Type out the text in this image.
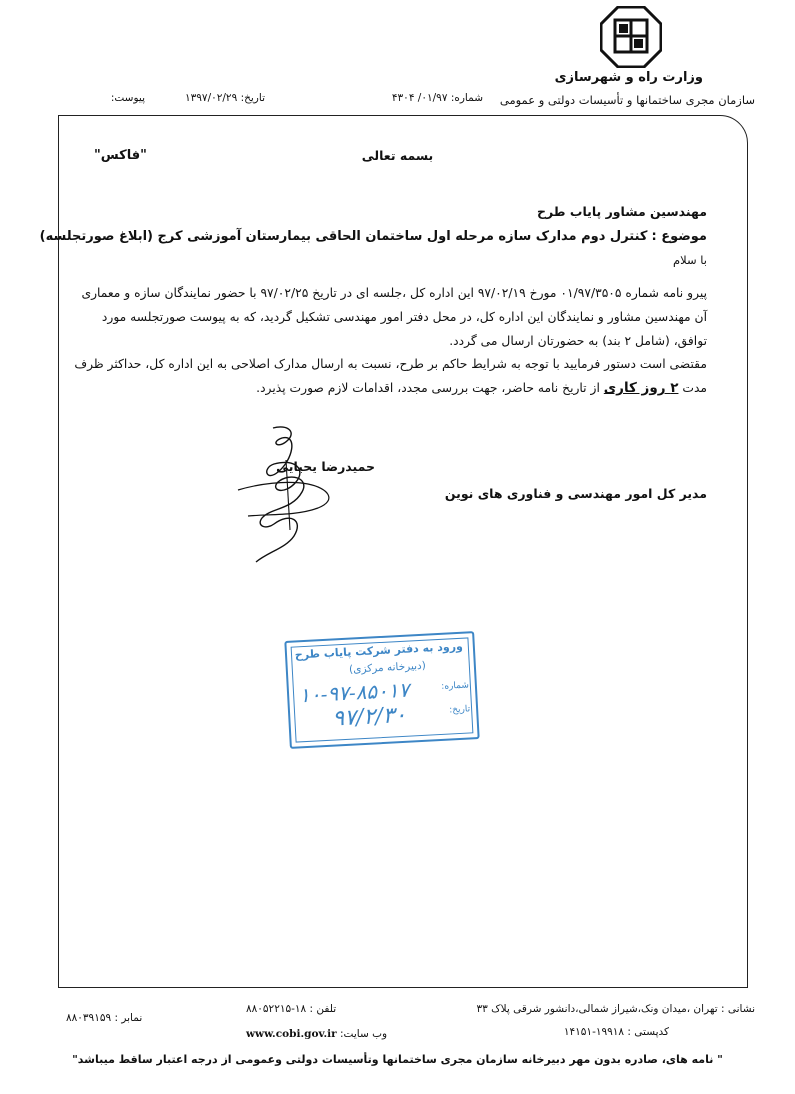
وزارت راه و شهرسازی
سازمان مجری ساختمانها و تأسیسات دولتی و عمومی
شماره: ۰۱/۹۷/ ۴۳۰۴
تاریخ: ۱۳۹۷/۰۲/۲۹
پیوست:
بسمه تعالی
"فاکس"
مهندسین مشاور پایاب طرح
موضوع :کنترل دوم مدارک سازه مرحله اول ساختمان الحاقی بیمارستان آموزشی کرج (ابلاغ صورتجلسه)
با سلام
پیرو نامه شماره ۰۱/۹۷/۳۵۰۵ مورخ ۹۷/۰۲/۱۹ این اداره کل ،جلسه ای در تاریخ ۹۷/۰۲/۲۵ با حضور نمایندگان سازه و معماری آن مهندسین مشاور و نمایندگان این اداره کل، در محل دفتر امور مهندسی تشکیل گردید، که به پیوست صورتجلسه مورد توافق، (شامل ۲ بند) به حضورتان ارسال می گردد.
مقتضی است دستور فرمایید با توجه به شرایط حاکم بر طرح، نسبت به ارسال مدارک اصلاحی به این اداره کل، حداکثر ظرف مدت ۲ روز کاری از تاریخ نامه حاضر، جهت بررسی مجدد، اقدامات لازم صورت پذیرد.
حمیدرضا یحیایی
مدیر کل امور مهندسی و فناوری های نوین
ورود به دفتر شرکت پایاب طرح
(دبیرخانه مرکزی)
شماره:
تاریخ:
۱۰-۹۷-۸۵۰۱۷
۹۷/۲/۳۰
نشانی : تهران ،میدان ونک،شیراز شمالی،دانشور شرقی پلاک ۳۳
تلفن : ۱۸-۸۸۰۵۲۲۱۵
نمابر : ۸۸۰۳۹۱۵۹
کدپستی : ۱۹۹۱۸-۱۴۱۵۱
وب سایت: www.cobi.gov.ir
" نامه های، صادره بدون مهر دبیرخانه سازمان مجری ساختمانها وتأسیسات دولتی وعمومی از درجه اعتبار ساقط میباشد"
